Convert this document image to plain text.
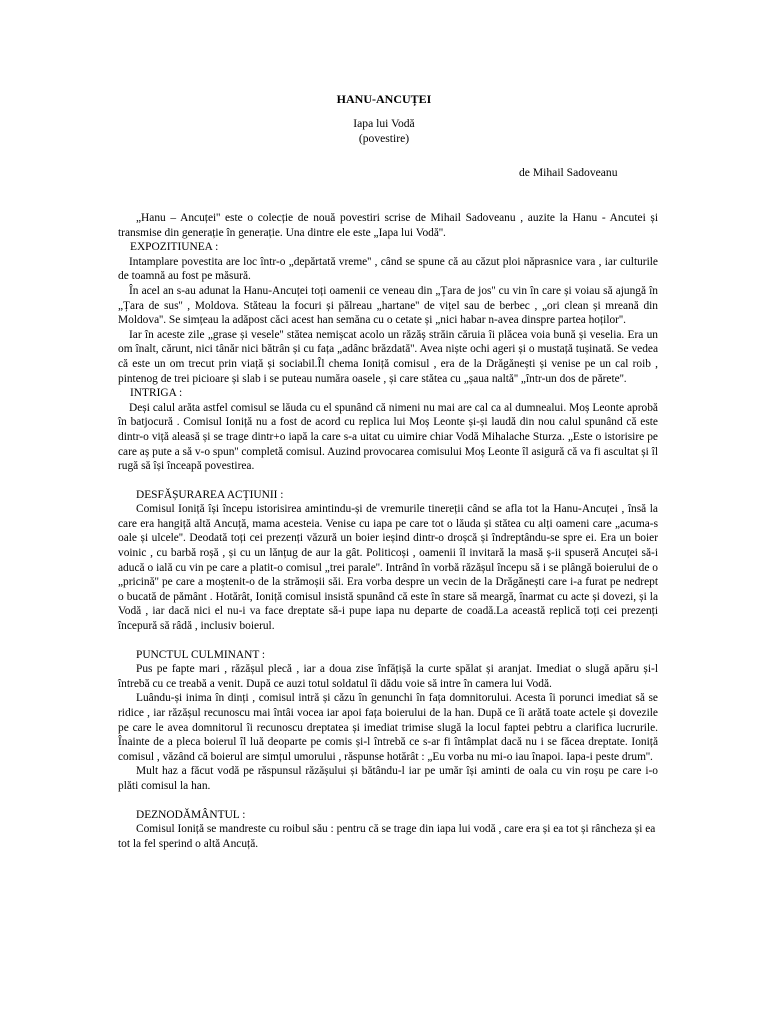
HANU-ANCUȚEI
Iapa lui Vodă
(povestire)
de Mihail Sadoveanu

„Hanu – Ancuței'' este o colecție de nouă povestiri scrise de Mihail Sadoveanu , auzite la Hanu - Ancutei și transmise din generație în generație. Una dintre ele este „Iapa lui Vodă''.

EXPOZITIUNEA :

Intamplare povestita are loc într-o „depărtată vreme'' , când se spune că au căzut ploi năprasnice vara , iar culturile de toamnă au fost pe măsură.

În acel an s-au adunat la Hanu-Ancuței toți oamenii ce veneau din „Țara de jos'' cu vin în care și voiau să ajungă în „Țara de sus'' , Moldova. Stăteau la focuri și pălreau „hartane'' de vițel sau de berbec , „ori clean și mreană din Moldova''. Se simțeau la adăpost căci acest han semăna cu o cetate și „nici habar n-avea dinspre partea hoților''.

Iar în aceste zile „grase și vesele'' stătea nemișcat acolo un răzăș străin căruia îi plăcea voia bună și veselia. Era un om înalt, cărunt, nici tânăr nici bătrân și cu fața „adânc brăzdată''. Avea niște ochi ageri și o mustață tușinată. Se vedea că este un om trecut prin viață și sociabil.Îl chema Ioniță comisul , era de la Drăgănești și venise pe un cal roib , pintenog de trei picioare și slab i se puteau număra oasele , și care stătea cu „șaua naltă'' „într-un dos de părete''.

INTRIGA :

Deși calul arăta astfel comisul se lăuda cu el spunând că nimeni nu mai are cal ca al dumnealui. Moș Leonte aprobă în batjocură . Comisul Ioniță nu a fost de acord cu replica lui Moș Leonte și-și laudă din nou calul spunând că este dintr-o viță aleasă și se trage dintr+o iapă la care s-a uitat cu uimire chiar Vodă Mihalache Sturza. „Este o istorisire pe care aș pute a să v-o spun'' completă comisul. Auzind provocarea comisului Moș Leonte îl asigură că va fi ascultat și îl rugă să își înceapă povestirea.

DESFĂȘURAREA ACȚIUNII :

Comisul Ioniță își începu istorisirea amintindu-și de vremurile tinereții când se afla tot la Hanu-Ancuței , însă la care era hangiță altă Ancuță, mama acesteia. Venise cu iapa pe care tot o lăuda și stătea cu alți oameni care „acuma-s oale și ulcele''. Deodată toți cei prezenți văzură un boier ieșind dintr-o droșcă și îndreptându-se spre ei. Era un boier voinic , cu barbă roșă , și cu un lănțug de aur la gât. Politicoși , oamenii îl invitară la masă ș-ii spuseră Ancuței să-i aducă o ială cu vin pe care a platit-o comisul „trei parale''. Intrând în vorbă răzășul începu să i se plângă boierului de o „pricină'' pe care a moștenit-o de la strămoșii săi. Era vorba despre un vecin de la Drăgănești care i-a furat pe nedrept o bucată de pământ . Hotărât, Ioniță comisul insistă spunând că este în stare să meargă, înarmat cu acte și dovezi, și la Vodă , iar dacă nici el nu-i va face dreptate să-i pupe iapa nu departe de coadă.La această replică toți cei prezenți începură să râdă , inclusiv boierul.

PUNCTUL CULMINANT :

Pus pe fapte mari , răzășul plecă , iar a doua zise înfățișă la curte spălat și aranjat. Imediat o slugă apăru și-l întrebă cu ce treabă a venit. După ce auzi totul soldatul îi dădu voie să intre în camera lui Vodă.

Luându-și inima în dinți , comisul intră și căzu în genunchi în fața domnitorului. Acesta îi porunci imediat să se ridice , iar răzășul recunoscu mai întâi vocea iar apoi fața boierului de la han. După ce îi arătă toate actele și dovezile pe care le avea domnitorul îi recunoscu dreptatea și imediat trimise slugă la locul faptei pebtru a clarifica lucrurile. Înainte de a pleca boierul îl luă deoparte pe comis și-l întrebă ce s-ar fi întâmplat dacă nu i se făcea dreptate. Ioniță comisul , văzând că boierul are simțul umorului , răspunse hotărât : „Eu vorba nu mi-o iau înapoi. Iapa-i peste drum''.

Mult haz a făcut vodă pe răspunsul răzășului și bătându-l iar pe umăr își aminti de oala cu vin roșu pe care i-o plăti comisul la han.

DEZNODĂMÂNTUL :

Comisul Ioniță se mandreste cu roibul său : pentru că se trage din iapa lui vodă , care era și ea tot și rânchеza și ea tot la fel sperind o altă Ancuță.
